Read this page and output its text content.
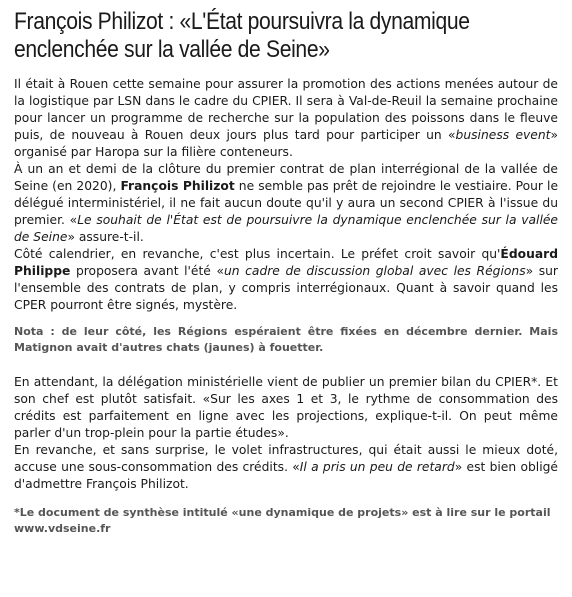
François Philizot : «L'État poursuivra la dynamique enclenchée sur la vallée de Seine»

Il était à Rouen cette semaine pour assurer la promotion des actions menées autour de la logistique par LSN dans le cadre du CPIER. Il sera à Val-de-Reuil la semaine prochaine pour lancer un programme de recherche sur la population des poissons dans le fleuve puis, de nouveau à Rouen deux jours plus tard pour participer un «business event» organisé par Haropa sur la filière conteneurs.

À un an et demi de la clôture du premier contrat de plan interrégional de la vallée de Seine (en 2020), François Philizot ne semble pas prêt de rejoindre le vestiaire. Pour le délégué interministériel, il ne fait aucun doute qu'il y aura un second CPIER à l'issue du premier. «Le souhait de l'État est de poursuivre la dynamique enclenchée sur la vallée de Seine» assure-t-il.

Côté calendrier, en revanche, c'est plus incertain. Le préfet croit savoir qu'Édouard Philippe proposera avant l'été «un cadre de discussion global avec les Régions» sur l'ensemble des contrats de plan, y compris interrégionaux. Quant à savoir quand les CPER pourront être signés, mystère.

Nota : de leur côté, les Régions espéraient être fixées en décembre dernier. Mais Matignon avait d'autres chats (jaunes) à fouetter.

En attendant, la délégation ministérielle vient de publier un premier bilan du CPIER*. Et son chef est plutôt satisfait. «Sur les axes 1 et 3, le rythme de consommation des crédits est parfaitement en ligne avec les projections, explique-t-il. On peut même parler d'un trop-plein pour la partie études».

En revanche, et sans surprise, le volet infrastructures, qui était aussi le mieux doté, accuse une sous-consommation des crédits. «Il a pris un peu de retard» est bien obligé d'admettre François Philizot.

*Le document de synthèse intitulé «une dynamique de projets» est à lire sur le portail www.vdseine.fr
